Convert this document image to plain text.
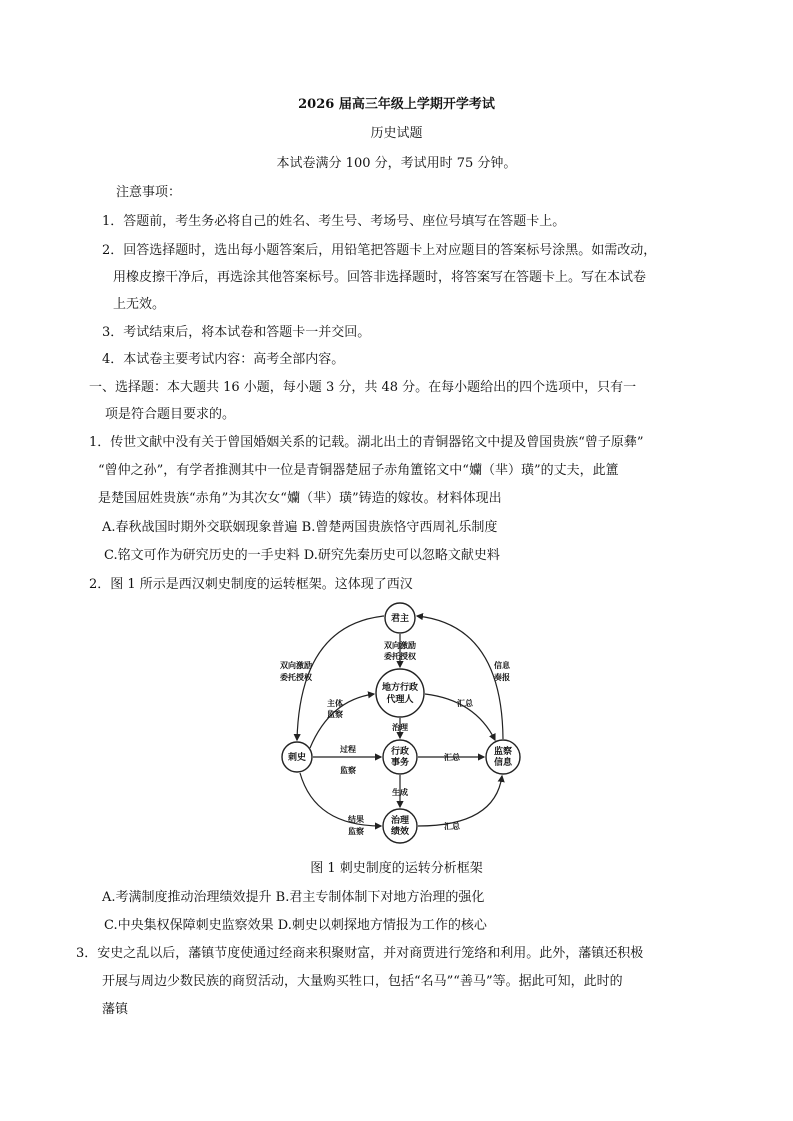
2026 届高三年级上学期开学考试
历史试题
本试卷满分 100 分，考试用时 75 分钟。
注意事项：
1．答题前，考生务必将自己的姓名、考生号、考场号、座位号填写在答题卡上。
2．回答选择题时，选出每小题答案后，用铅笔把答题卡上对应题目的答案标号涂黑。如需改动，
用橡皮擦干净后，再选涂其他答案标号。回答非选择题时，将答案写在答题卡上。写在本试卷
上无效。
3．考试结束后，将本试卷和答题卡一并交回。
4．本试卷主要考试内容：高考全部内容。
一、选择题：本大题共 16 小题，每小题 3 分，共 48 分。在每小题给出的四个选项中，只有一
项是符合题目要求的。
1．传世文献中没有关于曾国婚姻关系的记载。湖北出土的青铜器铭文中提及曾国贵族“曾子原彝”
“曾仲之孙”，有学者推测其中一位是青铜器楚屈子赤角簠铭文中“孏（芈）璜”的丈夫，此簠
是楚国屈姓贵族“赤角”为其次女“孏（芈）璜”铸造的嫁妆。材料体现出
A.春秋战国时期外交联姻现象普遍 B.曾楚两国贵族恪守西周礼乐制度
C.铭文可作为研究历史的一手史料 D.研究先秦历史可以忽略文献史料
2．图 1 所示是西汉刺史制度的运转框架。这体现了西汉
君主
地方行政
代理人
刺史
行政
事务
监察
信息
治理
绩效
双向激励
委托授权
双向激励
委托授权
信息
奏报
主体
监察
汇总
治理
过程
监察
汇总
生成
结果
监察	汇总
图 1 刺史制度的运转分析框架
A.考满制度推动治理绩效提升 B.君主专制体制下对地方治理的强化
C.中央集权保障刺史监察效果 D.刺史以刺探地方情报为工作的核心
3．安史之乱以后，藩镇节度使通过经商来积聚财富，并对商贾进行笼络和利用。此外，藩镇还积极
开展与周边少数民族的商贸活动，大量购买牲口，包括“名马”“善马”等。据此可知，此时的
藩镇
